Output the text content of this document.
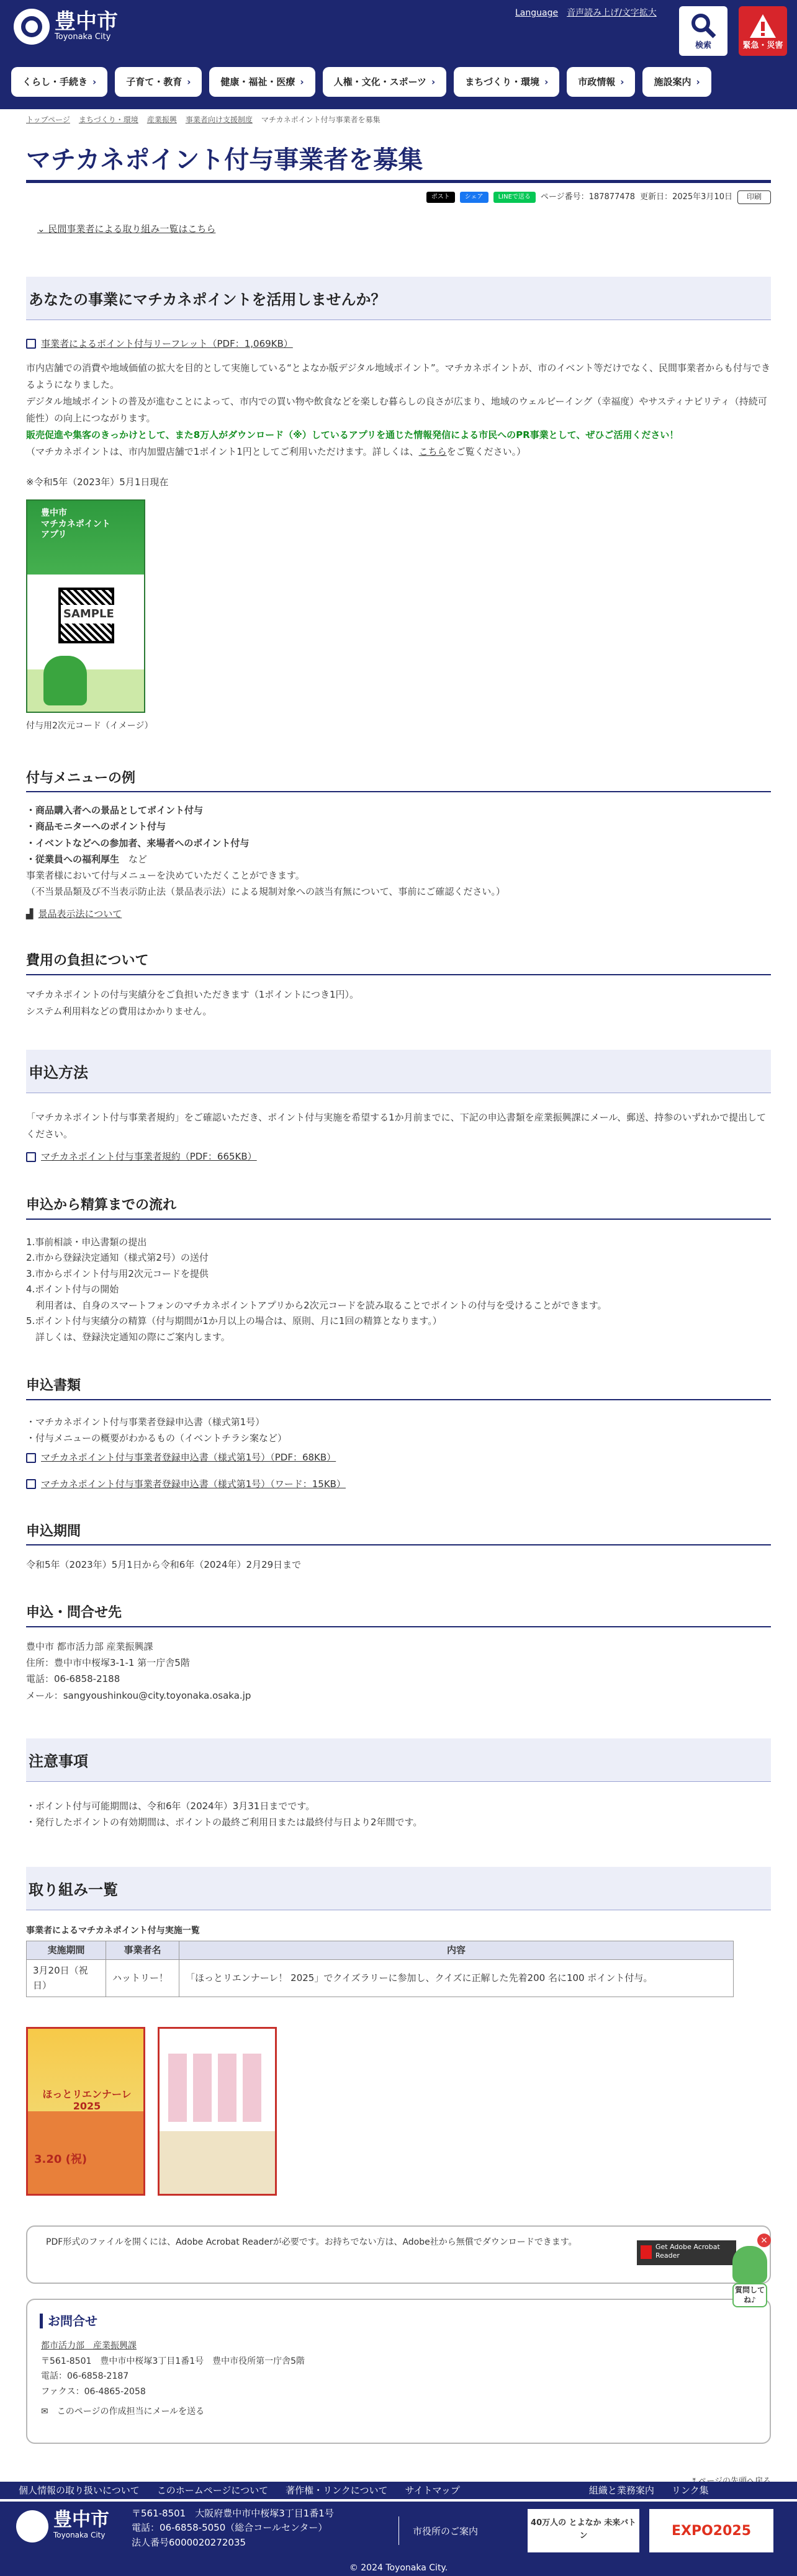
豊中市
Toyonaka City
Language 音声読み上げ/文字拡大
検索	緊急・災害
くらし・手続き ›	子育て・教育 ›	健康・福祉・医療 ›	人権・文化・スポーツ ›	まちづくり・環境 ›	市政情報 ›	施設案内 ›
トップページ まちづくり・環境 産業振興 事業者向け支援制度 マチカネポイント付与事業者を募集
マチカネポイント付与事業者を募集
ポスト	シェア	LINEで送る	ページ番号：187877478 更新日：2025年3月10日	印刷
⌄ 民間事業者による取り組み一覧はこちら
あなたの事業にマチカネポイントを活用しませんか？
事業者によるポイント付与リーフレット（PDF：1,069KB）

市内店舗での消費や地域価値の拡大を目的として実施している“とよなか版デジタル地域ポイント”。マチカネポイントが、市のイベント等だけでなく、民間事業者からも付与できるようになりました。

デジタル地域ポイントの普及が進むことによって、市内での買い物や飲食などを楽しむ暮らしの良さが広まり、地域のウェルビーイング（幸福度）やサスティナビリティ（持続可能性）の向上につながります。

販売促進や集客のきっかけとして、また8万人がダウンロード（※）しているアプリを通じた情報発信による市民へのPR事業として、ぜひご活用ください！

（マチカネポイントは、市内加盟店舗で1ポイント1円としてご利用いただけます。詳しくは、こちらをご覧ください。）

※令和5年（2023年）5月1日現在

豊中市
マチカネポイント
アプリ
SAMPLE

付与用2次元コード（イメージ）

付与メニューの例
・商品購入者への景品としてポイント付与
・商品モニターへのポイント付与
・イベントなどへの参加者、来場者へのポイント付与
・従業員への福利厚生　 など
事業者様において付与メニューを決めていただくことができます。
（不当景品類及び不当表示防止法（景品表示法）による規制対象への該当有無について、事前にご確認ください。）
▟ 景品表示法について
費用の負担について

マチカネポイントの付与実績分をご負担いただきます（1ポイントにつき1円）。

システム利用料などの費用はかかりません。

申込方法

「マチカネポイント付与事業者規約」をご確認いただき、ポイント付与実施を希望する1か月前までに、下記の申込書類を産業振興課にメール、郵送、持参のいずれかで提出してください。

マチカネポイント付与事業者規約（PDF：665KB）
申込から精算までの流れ
1.事前相談・申込書類の提出
2.市から登録決定通知（様式第2号）の送付
3.市からポイント付与用2次元コードを提供
4.ポイント付与の開始
　利用者は、自身のスマートフォンのマチカネポイントアプリから2次元コードを読み取ることでポイントの付与を受けることができます。
5.ポイント付与実績分の精算（付与期間が1か月以上の場合は、原則、月に1回の精算となります。）
　詳しくは、登録決定通知の際にご案内します。
申込書類
・マチカネポイント付与事業者登録申込書（様式第1号）
・付与メニューの概要がわかるもの（イベントチラシ案など）
マチカネポイント付与事業者登録申込書（様式第1号）（PDF：68KB）
マチカネポイント付与事業者登録申込書（様式第1号）（ワード：15KB）
申込期間

令和5年（2023年）5月1日から令和6年（2024年）2月29日まで

申込・問合せ先
豊中市 都市活力部 産業振興課
住所：豊中市中桜塚3-1-1 第一庁舎5階
電話：06-6858-2188
メール：sangyoushinkou@city.toyonaka.osaka.jp
注意事項
・ポイント付与可能期間は、令和6年（2024年）3月31日までです。
・発行したポイントの有効期間は、ポイントの最終ご利用日または最終付与日より2年間です。
取り組み一覧
事業者によるマチカネポイント付与実施一覧
実施期間	事業者名	内容
3月20日（祝日）	ハットリー！	「ほっとリエンナーレ！ 2025」でクイズラリーに参加し、クイズに正解した先着200 名に100 ポイント付与。
ほっとリエンナーレ 2025
3.20 (祝)
PDF形式のファイルを開くには、Adobe Acrobat Readerが必要です。お持ちでない方は、Adobe社から無償でダウンロードできます。	Get Adobe Acrobat Reader
お問合せ
都市活力部　産業振興課
〒561-8501　豊中市中桜塚3丁目1番1号　豊中市役所第一庁舎5階
電話：06-6858-2187
ファクス：06-4865-2058
✉　 このページの作成担当にメールを送る
×
質問してね♪
個人情報の取り扱いについて このホームページについて 著作権・リンクについて サイトマップ	組織と業務案内 リンク集
豊中市
Toyonaka City
〒561-8501　大阪府豊中市中桜塚3丁目1番1号
電話：06-6858-5050（総合コールセンター）
法人番号6000020272035
市役所のご案内
40万人の とよなか 未来バトン	EXPO2025
© 2024 Toyonaka City.
